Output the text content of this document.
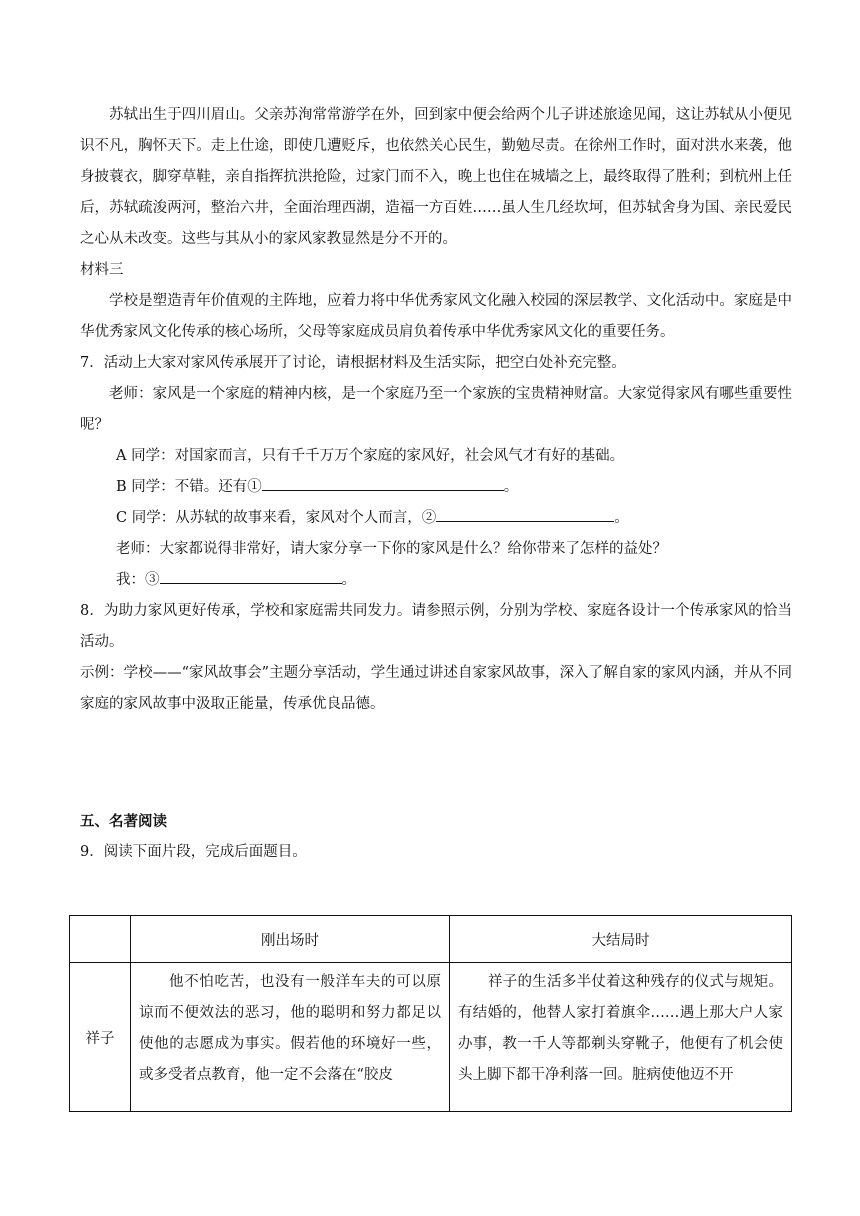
苏轼出生于四川眉山。父亲苏洵常常游学在外，回到家中便会给两个儿子讲述旅途见闻，这让苏轼从小便见识不凡，胸怀天下。走上仕途，即使几遭贬斥，也依然关心民生，勤勉尽责。在徐州工作时，面对洪水来袭，他身披蓑衣，脚穿草鞋，亲自指挥抗洪抢险，过家门而不入，晚上也住在城墙之上，最终取得了胜利；到杭州上任后，苏轼疏浚两河，整治六井，全面治理西湖，造福一方百姓……虽人生几经坎坷，但苏轼舍身为国、亲民爱民之心从未改变。这些与其从小的家风家教显然是分不开的。

材料三

学校是塑造青年价值观的主阵地，应着力将中华优秀家风文化融入校园的深层教学、文化活动中。家庭是中华优秀家风文化传承的核心场所，父母等家庭成员肩负着传承中华优秀家风文化的重要任务。

7．活动上大家对家风传承展开了讨论，请根据材料及生活实际，把空白处补充完整。

老师：家风是一个家庭的精神内核，是一个家庭乃至一个家族的宝贵精神财富。大家觉得家风有哪些重要性呢？

A 同学：对国家而言，只有千千万万个家庭的家风好，社会风气才有好的基础。

B 同学：不错。还有①	。

C 同学：从苏轼的故事来看，家风对个人而言，②	。

老师：大家都说得非常好，请大家分享一下你的家风是什么？给你带来了怎样的益处？

我：③	。

8．为助力家风更好传承，学校和家庭需共同发力。请参照示例，分别为学校、家庭各设计一个传承家风的恰当活动。

示例：学校——“家风故事会”主题分享活动，学生通过讲述自家家风故事，深入了解自家的家风内涵，并从不同家庭的家风故事中汲取正能量，传承优良品德。

五、名著阅读

9．阅读下面片段，完成后面题目。

	刚出场时	大结局时
祥子	他不怕吃苦，也没有一般洋车夫的可以原谅而不便效法的恶习，他的聪明和努力都足以使他的志愿成为事实。假若他的环境好一些，或多受者点教育，他一定不会落在“胶皮	祥子的生活多半仗着这种残存的仪式与规矩。有结婚的，他替人家打着旗伞……遇上那大户人家办事，教一千人等都剃头穿靴子，他便有了机会使头上脚下都干净利落一回。脏病使他迈不开
